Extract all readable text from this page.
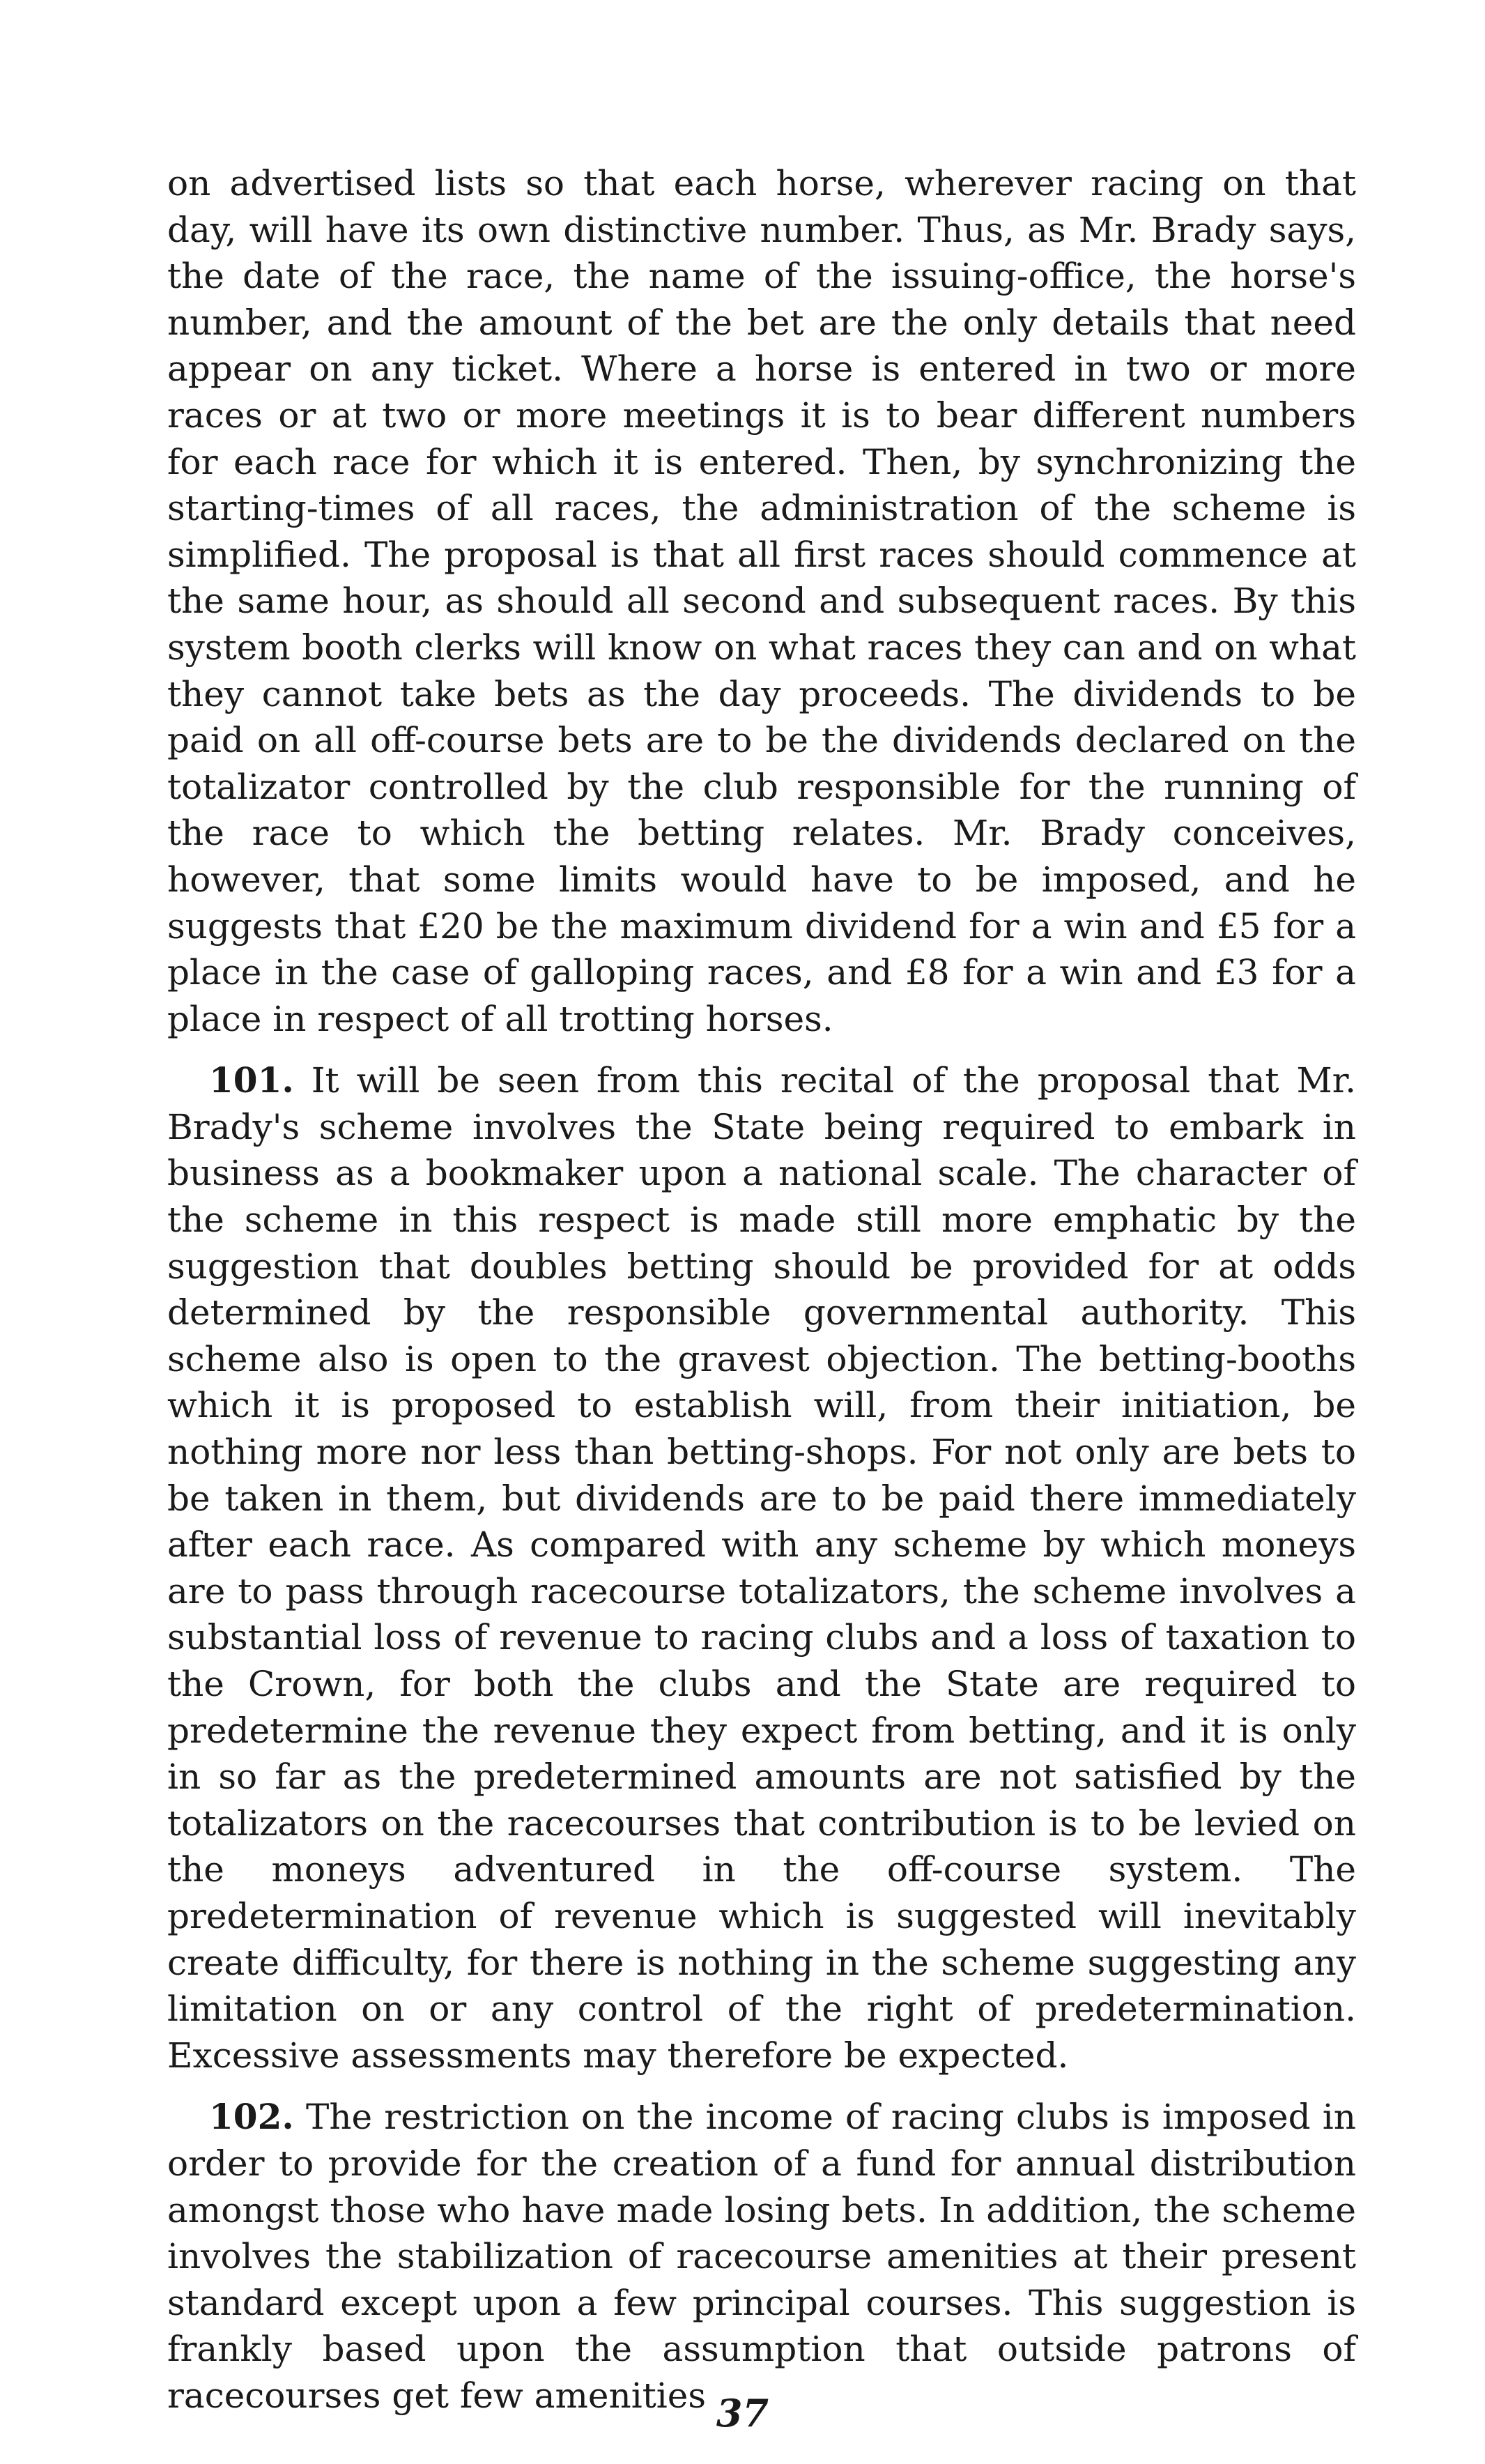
on advertised lists so that each horse, wherever racing on that day, will have its own distinctive number. Thus, as Mr. Brady says, the date of the race, the name of the issuing-office, the horse's number, and the amount of the bet are the only details that need appear on any ticket. Where a horse is entered in two or more races or at two or more meetings it is to bear different numbers for each race for which it is entered. Then, by synchronizing the starting-times of all races, the administration of the scheme is simplified. The proposal is that all first races should commence at the same hour, as should all second and subsequent races. By this system booth clerks will know on what races they can and on what they cannot take bets as the day proceeds. The dividends to be paid on all off-course bets are to be the dividends declared on the totalizator controlled by the club responsible for the running of the race to which the betting relates. Mr. Brady conceives, however, that some limits would have to be imposed, and he suggests that £20 be the maximum dividend for a win and £5 for a place in the case of galloping races, and £8 for a win and £3 for a place in respect of all trotting horses.

101. It will be seen from this recital of the proposal that Mr. Brady's scheme involves the State being required to embark in business as a bookmaker upon a national scale. The character of the scheme in this respect is made still more emphatic by the suggestion that doubles betting should be provided for at odds determined by the responsible governmental authority. This scheme also is open to the gravest objection. The betting-booths which it is proposed to establish will, from their initiation, be nothing more nor less than betting-shops. For not only are bets to be taken in them, but dividends are to be paid there immediately after each race. As compared with any scheme by which moneys are to pass through racecourse totalizators, the scheme involves a substantial loss of revenue to racing clubs and a loss of taxation to the Crown, for both the clubs and the State are required to predetermine the revenue they expect from betting, and it is only in so far as the predetermined amounts are not satisfied by the totalizators on the racecourses that contribution is to be levied on the moneys adventured in the off-course system. The predetermination of revenue which is suggested will inevitably create difficulty, for there is nothing in the scheme suggesting any limitation on or any control of the right of predetermination. Excessive assessments may therefore be expected.

102. The restriction on the income of racing clubs is imposed in order to provide for the creation of a fund for annual distribution amongst those who have made losing bets. In addition, the scheme involves the stabilization of racecourse amenities at their present standard except upon a few principal courses. This suggestion is frankly based upon the assumption that outside patrons of racecourses get few amenities 37
